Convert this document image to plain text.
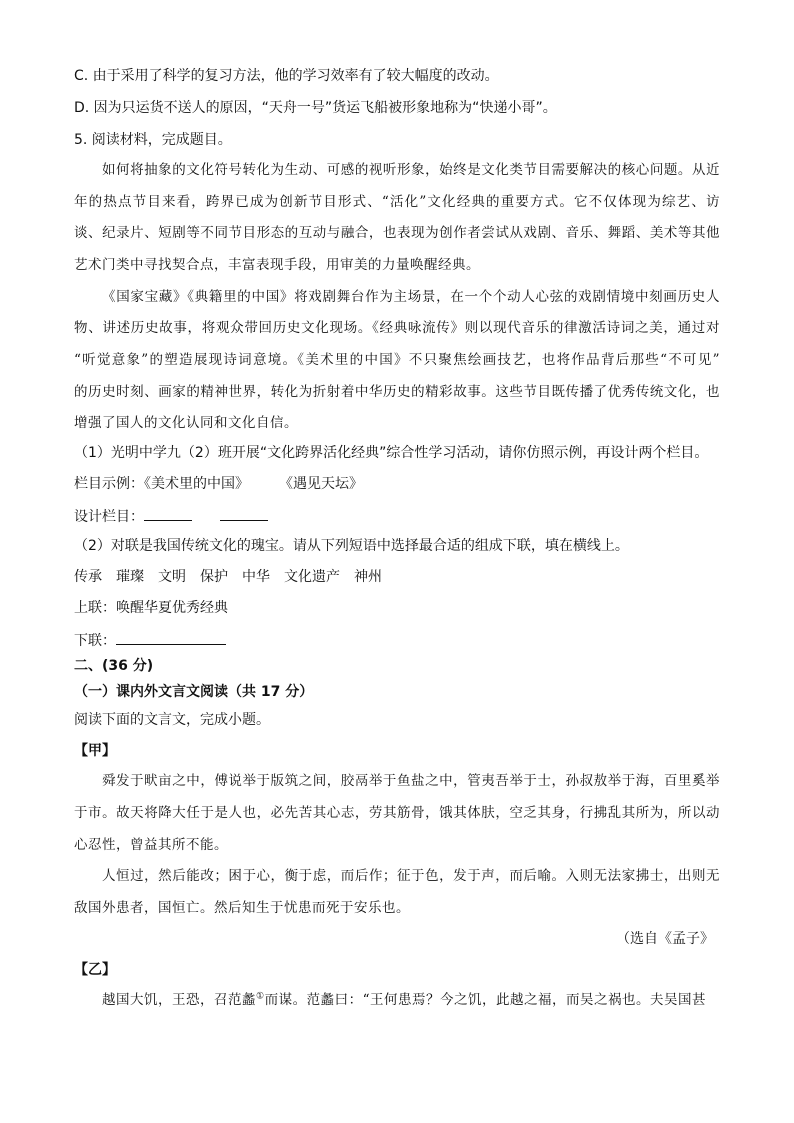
C. 由于采用了科学的复习方法，他的学习效率有了较大幅度的改动。
D. 因为只运货不送人的原因，“天舟一号”货运飞船被形象地称为“快递小哥”。
5. 阅读材料，完成题目。
如何将抽象的文化符号转化为生动、可感的视听形象，始终是文化类节目需要解决的核心问题。从近
年的热点节目来看，跨界已成为创新节目形式、“活化”文化经典的重要方式。它不仅体现为综艺、访
谈、纪录片、短剧等不同节目形态的互动与融合，也表现为创作者尝试从戏剧、音乐、舞蹈、美术等其他
艺术门类中寻找契合点，丰富表现手段，用审美的力量唤醒经典。
《国家宝藏》《典籍里的中国》将戏剧舞台作为主场景，在一个个动人心弦的戏剧情境中刻画历史人
物、讲述历史故事，将观众带回历史文化现场。《经典咏流传》则以现代音乐的律激活诗词之美，通过对
“听觉意象”的塑造展现诗词意境。《美术里的中国》不只聚焦绘画技艺，也将作品背后那些“不可见”
的历史时刻、画家的精神世界，转化为折射着中华历史的精彩故事。这些节目既传播了优秀传统文化，也
增强了国人的文化认同和文化自信。
（1）光明中学九（2）班开展“文化跨界活化经典”综合性学习活动，请你仿照示例，再设计两个栏目。
栏目示例：《美术里的中国》 《遇见天坛》
设计栏目：
（2）对联是我国传统文化的瑰宝。请从下列短语中选择最合适的组成下联，填在横线上。
传承 璀璨 文明 保护 中华 文化遗产 神州
上联：唤醒华夏优秀经典
下联：
二、(36 分)
（一）课内外文言文阅读（共 17 分）
阅读下面的文言文，完成小题。
【甲】
舜发于畎亩之中，傅说举于版筑之间，胶鬲举于鱼盐之中，管夷吾举于士，孙叔敖举于海，百里奚举
于市。故天将降大任于是人也，必先苦其心志，劳其筋骨，饿其体肤，空乏其身，行拂乱其所为，所以动
心忍性，曾益其所不能。
人恒过，然后能改；困于心，衡于虑，而后作；征于色，发于声，而后喻。入则无法家拂士，出则无
敌国外患者，国恒亡。然后知生于忧患而死于安乐也。
（选自《孟子》
【乙】
越国大饥，王恐，召范蠡①而谋。范蠡曰：“王何患焉？今之饥，此越之福，而吴之祸也。夫吴国甚
